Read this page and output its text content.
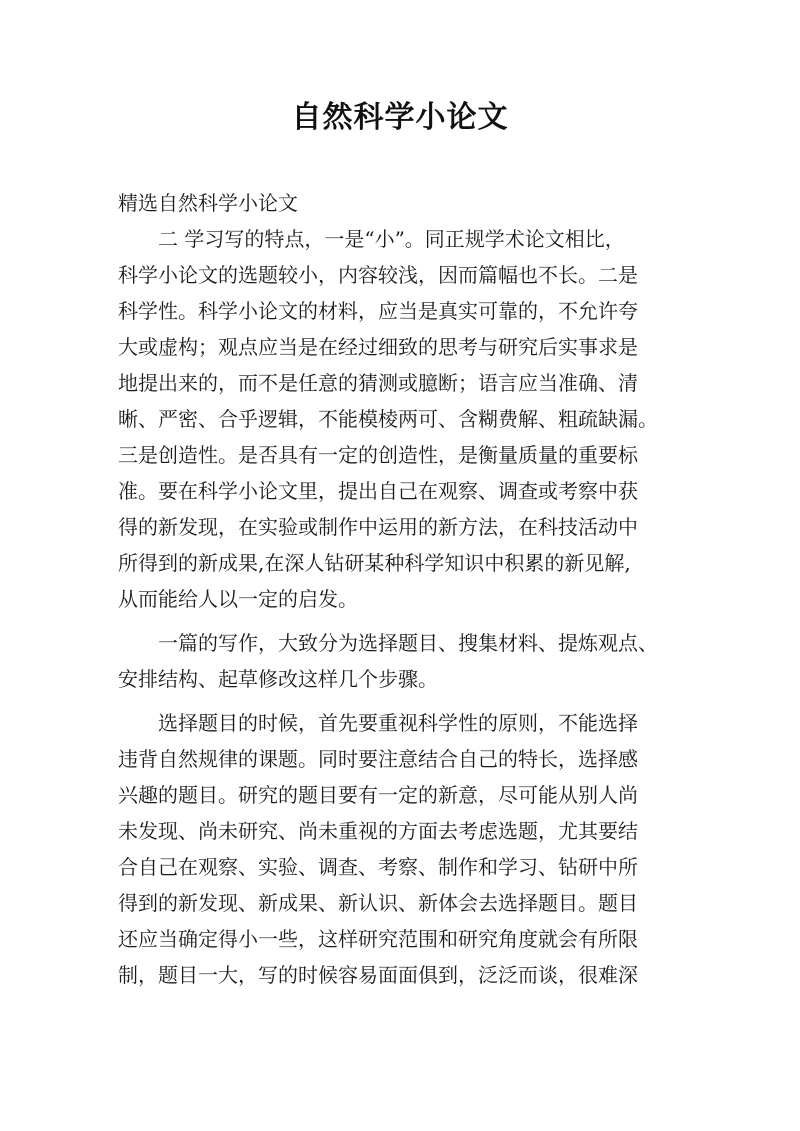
自然科学小论文
精选自然科学小论文
　　二 学习写的特点，一是“小”。同正规学术论文相比，
科学小论文的选题较小，内容较浅，因而篇幅也不长。二是
科学性。科学小论文的材料，应当是真实可靠的，不允许夸
大或虚构；观点应当是在经过细致的思考与研究后实事求是
地提出来的，而不是任意的猜测或臆断；语言应当准确、清
晰、严密、合乎逻辑，不能模棱两可、含糊费解、粗疏缺漏。
三是创造性。是否具有一定的创造性，是衡量质量的重要标
准。要在科学小论文里，提出自己在观察、调查或考察中获
得的新发现，在实验或制作中运用的新方法，在科技活动中
所得到的新成果,在深人钻研某种科学知识中积累的新见解,
从而能给人以一定的启发。
　　一篇的写作，大致分为选择题目、搜集材料、提炼观点、
安排结构、起草修改这样几个步骤。
　　选择题目的时候，首先要重视科学性的原则，不能选择
违背自然规律的课题。同时要注意结合自己的特长，选择感
兴趣的题目。研究的题目要有一定的新意，尽可能从别人尚
未发现、尚未研究、尚未重视的方面去考虑选题，尤其要结
合自己在观察、实验、调查、考察、制作和学习、钻研中所
得到的新发现、新成果、新认识、新体会去选择题目。题目
还应当确定得小一些，这样研究范围和研究角度就会有所限
制，题目一大，写的时候容易面面俱到，泛泛而谈，很难深
